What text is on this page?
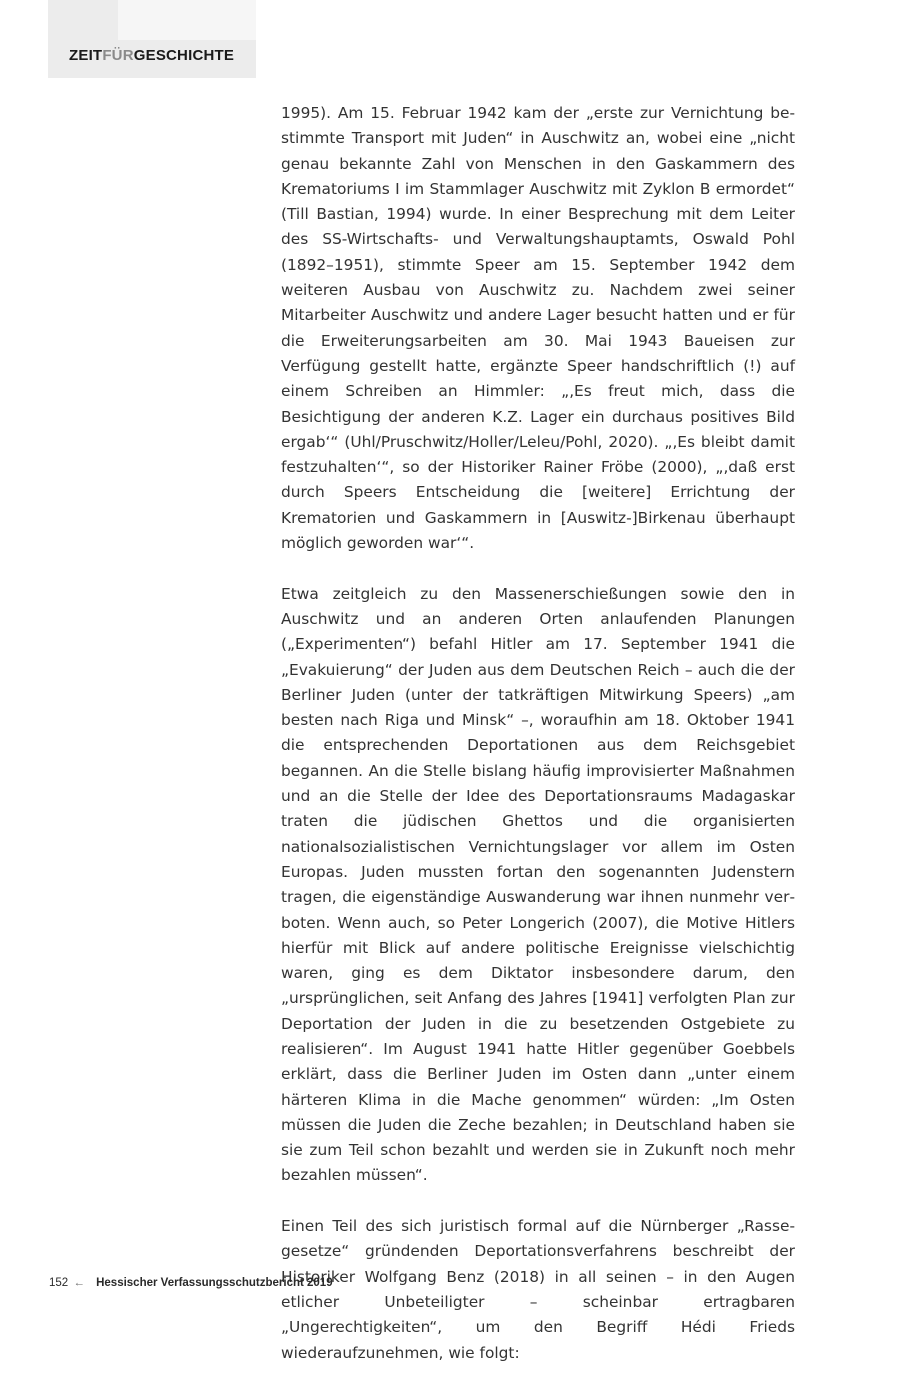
ZEITFÜRGESCHICHTE

1995). Am 15. Februar 1942 kam der „erste zur Vernichtung bestimmte Transport mit Juden“ in Auschwitz an, wobei eine „nicht genau bekannte Zahl von Menschen in den Gaskammern des Krematoriums I im Stammlager Auschwitz mit Zyklon B ermordet“ (Till Bastian, 1994) wurde. In einer Besprechung mit dem Leiter des SS-Wirtschafts- und Verwaltungshauptamts, Oswald Pohl (1892–1951), stimmte Speer am 15. September 1942 dem weiteren Ausbau von Auschwitz zu. Nachdem zwei seiner Mitarbeiter Auschwitz und andere Lager besucht hatten und er für die Erweiterungsarbeiten am 30. Mai 1943 Baueisen zur Verfügung gestellt hatte, ergänzte Speer handschriftlich (!) auf einem Schreiben an Himmler: „‚Es freut mich, dass die Besichtigung der anderen K.Z. Lager ein durchaus positives Bild ergab‘“ (Uhl/Pruschwitz/Holler/Leleu/Pohl, 2020). „‚Es bleibt damit festzuhalten‘“, so der Historiker Rainer Fröbe (2000), „‚daß erst durch Speers Entscheidung die [weitere] Errichtung der Krematorien und Gaskammern in [Auswitz-]Birkenau überhaupt möglich geworden war‘“.

Etwa zeitgleich zu den Massenerschießungen sowie den in Auschwitz und an anderen Orten anlaufenden Planungen („Experimenten“) befahl Hitler am 17. September 1941 die „Evakuierung“ der Juden aus dem Deutschen Reich – auch die der Berliner Juden (unter der tatkräftigen Mitwirkung Speers) „am besten nach Riga und Minsk“ –, woraufhin am 18. Oktober 1941 die entsprechenden Deportationen aus dem Reichsgebiet begannen. An die Stelle bislang häufig improvisierter Maßnahmen und an die Stelle der Idee des Deportationsraums Madagaskar traten die jüdischen Ghettos und die organisierten nationalsozialistischen Vernichtungslager vor allem im Osten Europas. Juden mussten fortan den sogenannten Judenstern tragen, die eigenständige Auswanderung war ihnen nunmehr verboten. Wenn auch, so Peter Longerich (2007), die Motive Hitlers hierfür mit Blick auf andere politische Ereignisse vielschichtig waren, ging es dem Diktator insbesondere darum, den „ursprünglichen, seit Anfang des Jahres [1941] verfolgten Plan zur Deportation der Juden in die zu besetzenden Ostgebiete zu realisieren“. Im August 1941 hatte Hitler gegenüber Goebbels erklärt, dass die Berliner Juden im Osten dann „unter einem härteren Klima in die Mache genommen“ würden: „Im Osten müssen die Juden die Zeche bezahlen; in Deutschland haben sie sie zum Teil schon bezahlt und werden sie in Zukunft noch mehr bezahlen müssen“.

Einen Teil des sich juristisch formal auf die Nürnberger „Rassegesetze“ gründenden Deportationsverfahrens beschreibt der Historiker Wolfgang Benz (2018) in all seinen – in den Augen etlicher Unbeteiligter – scheinbar ertragbaren „Ungerechtigkeiten“, um den Begriff Hédi Frieds wiederaufzunehmen, wie folgt:

152 ← Hessischer Verfassungsschutzbericht 2019
